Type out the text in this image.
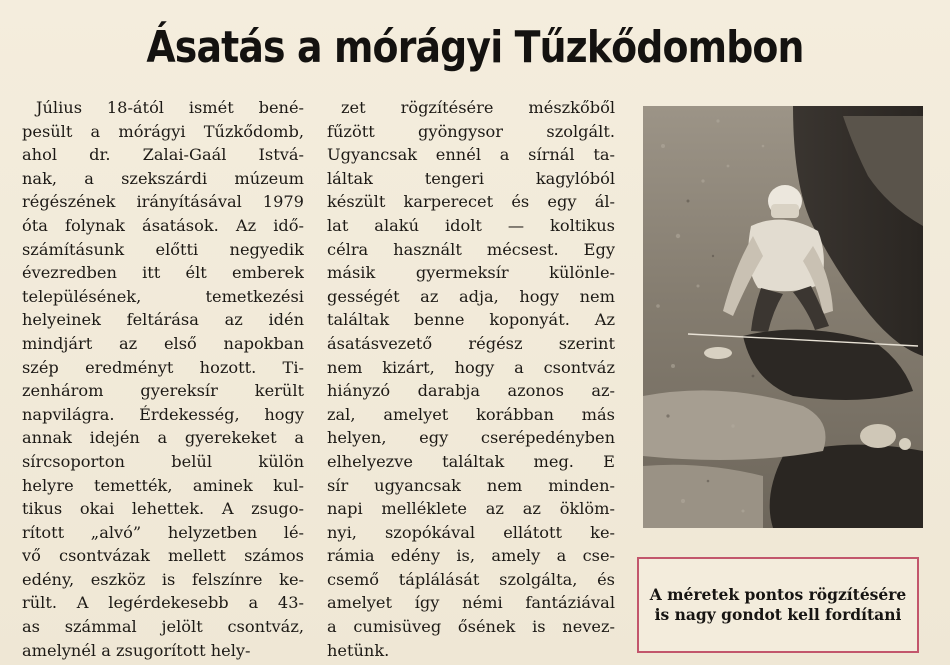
Ásatás a mórágyi Tűzkődombon
Július 18-ától ismét bené-
pesült a mórágyi Tűzkődomb,
ahol dr. Zalai-Gaál Istvá-
nak, a szekszárdi múzeum
régészének irányításával 1979
óta folynak ásatások. Az idő-
számításunk előtti negyedik
évezredben itt élt emberek
településének, temetkezési
helyeinek feltárása az idén
mindjárt az első napokban
szép eredményt hozott. Ti-
zenhárom gyereksír került
napvilágra. Érdekesség, hogy
annak idején a gyerekeket a
sírcsoporton belül külön
helyre temették, aminek kul-
tikus okai lehettek. A zsugo-
rított „alvó” helyzetben lé-
vő csontvázak mellett számos
edény, eszköz is felszínre ke-
rült. A legérdekesebb a 43-
as számmal jelölt csontváz,
amelynél a zsugorított hely-
zet rögzítésére mészkőből
fűzött gyöngysor szolgált.
Ugyancsak ennél a sírnál ta-
láltak tengeri kagylóból
készült karperecet és egy ál-
lat alakú idolt — koltikus
célra használt mécsest. Egy
másik gyermeksír különle-
gességét az adja, hogy nem
találtak benne koponyát. Az
ásatásvezető régész szerint
nem kizárt, hogy a csontváz
hiányzó darabja azonos az-
zal, amelyet korábban más
helyen, egy cserépedényben
elhelyezve találtak meg. E
sír ugyancsak nem minden-
napi melléklete az az öklöm-
nyi, szopókával ellátott ke-
rámia edény is, amely a cse-
csemő táplálását szolgálta, és
amelyet így némi fantáziával
a cumisüveg ősének is nevez-
hetünk.
A méretek pontos rögzítésére is nagy gondot kell fordítani
